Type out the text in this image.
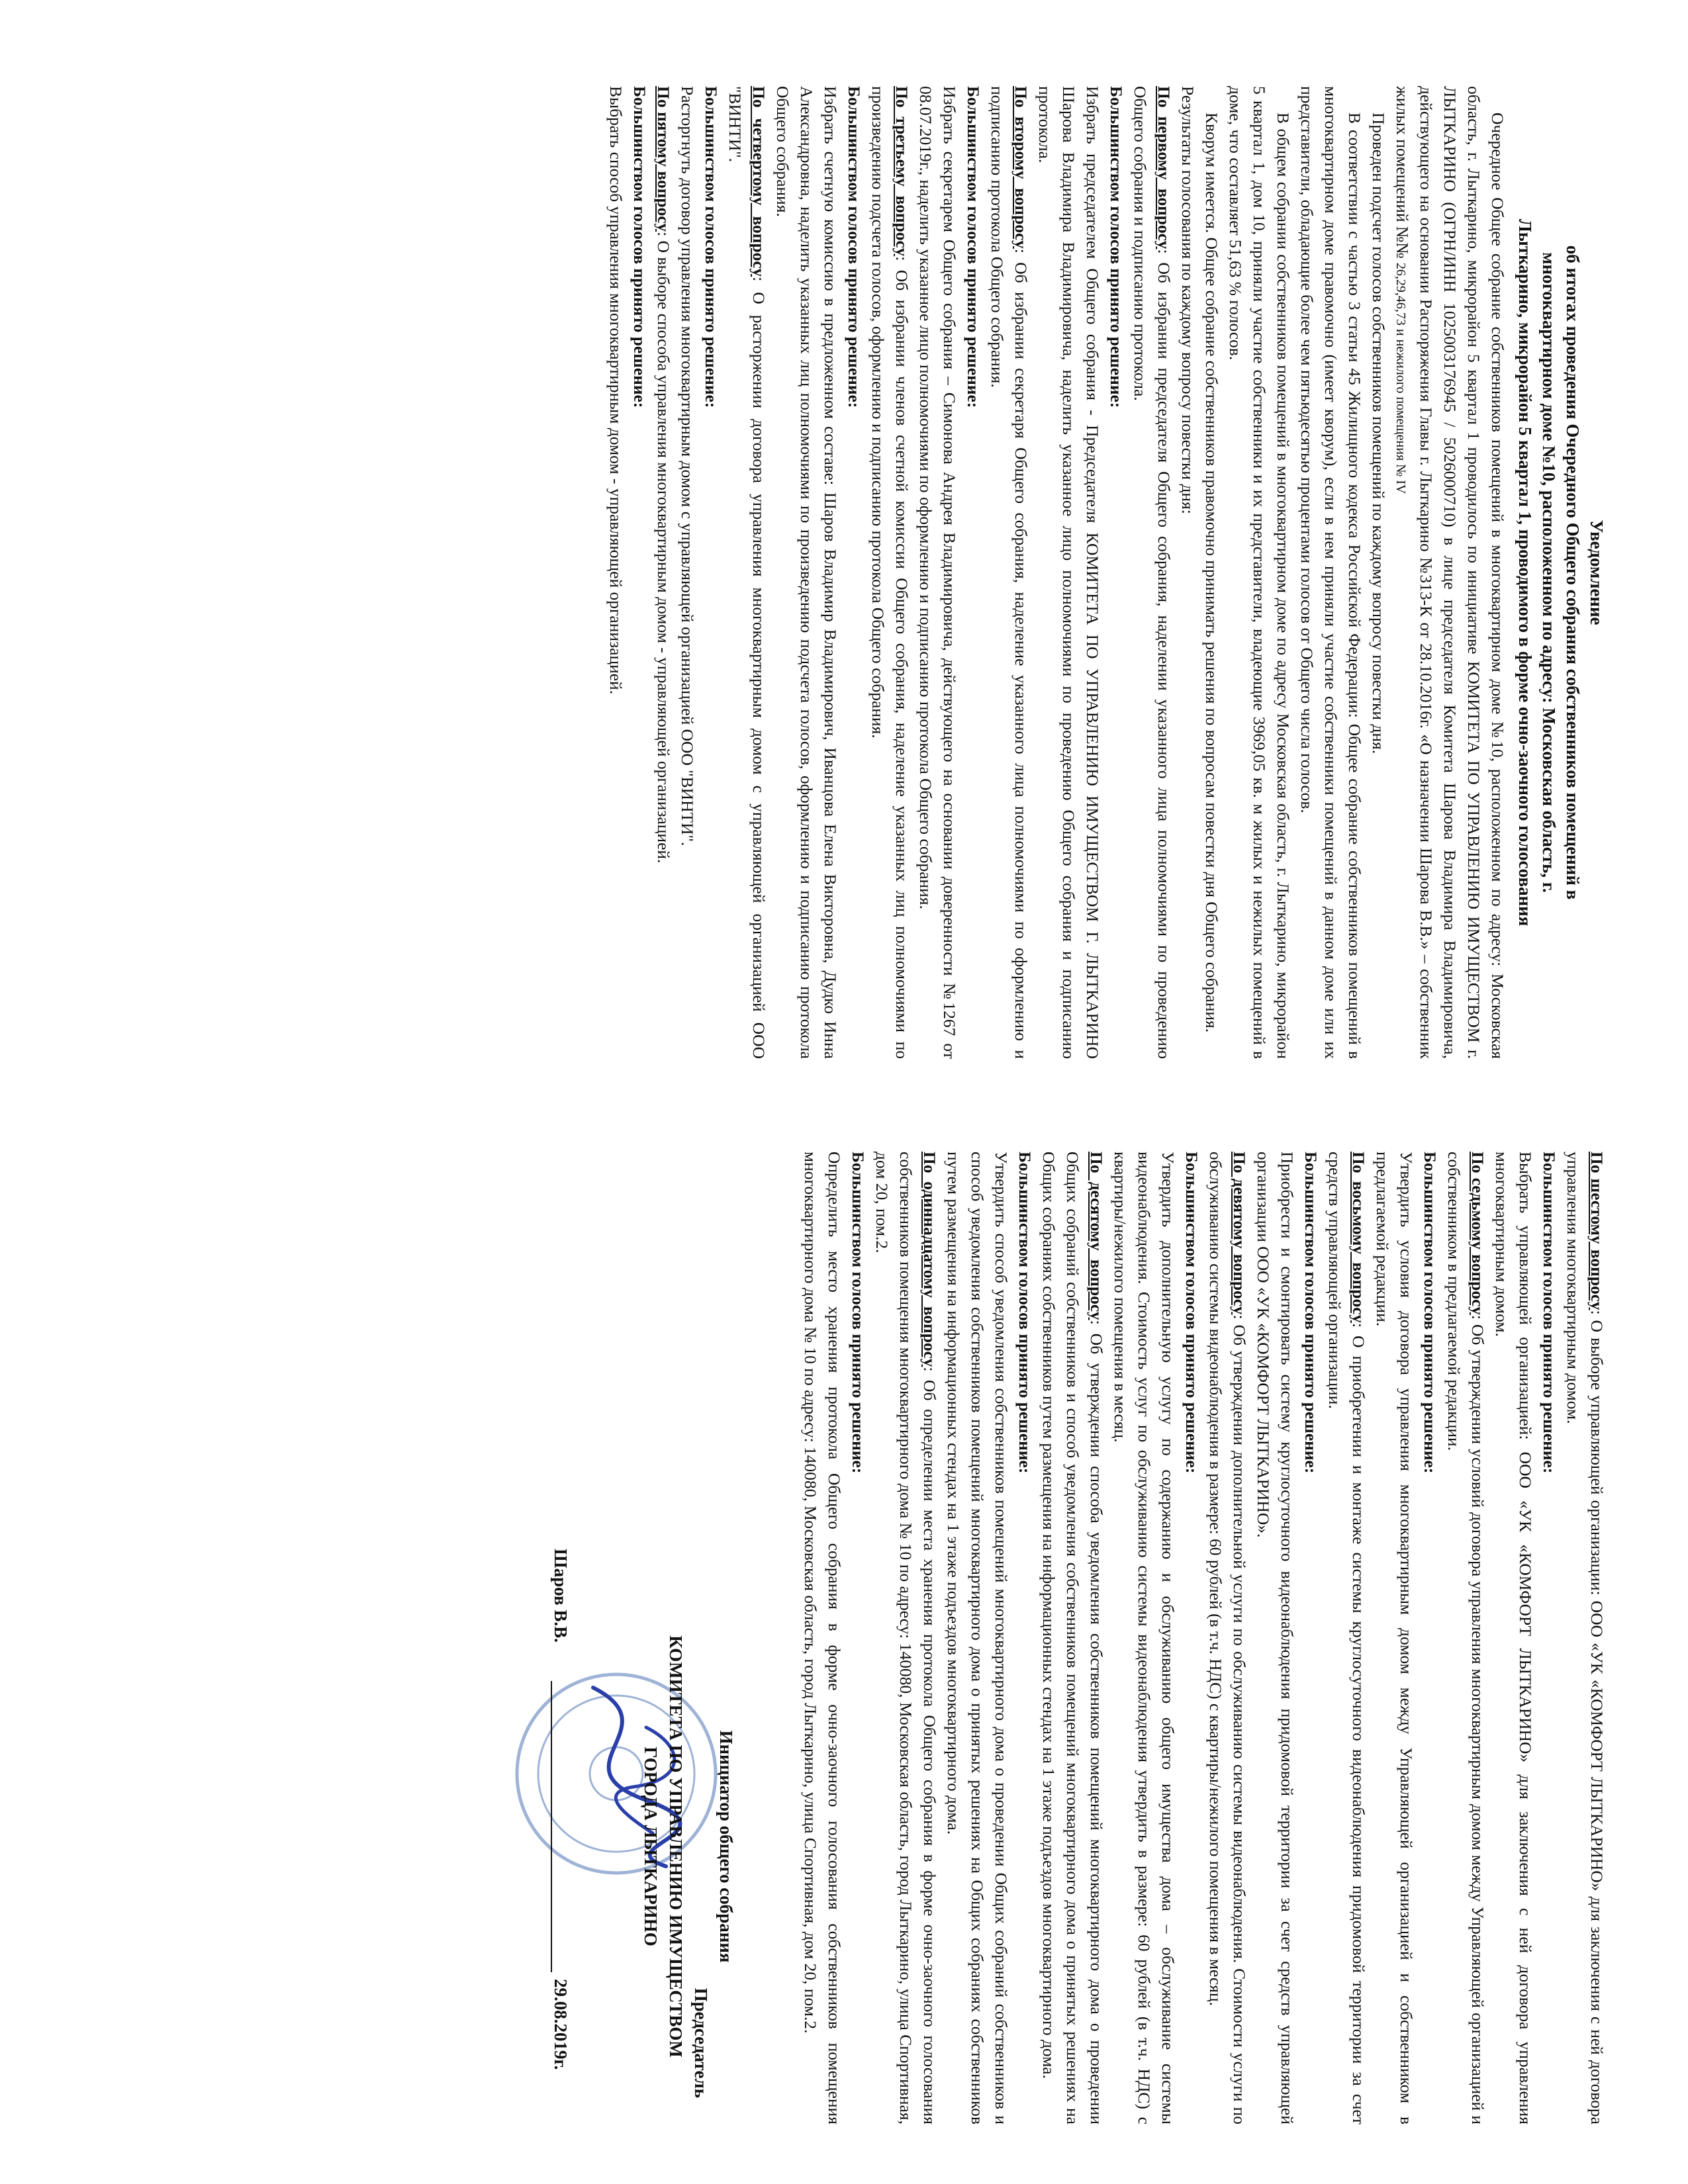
Уведомление
об итогах проведения Очередного Общего собрания собственников помещений в
многоквартирном доме №10, расположенном по адресу: Московская область, г.
Лыткарино, микрорайон 5 квартал 1, проводимого в форме очно-заочного голосования

Очередное Общее собрание собственников помещений в многоквартирном доме №10, расположенном по адресу: Московская область, г. Лыткарино, микрорайон 5 квартал 1 проводилось по инициативе КОМИТЕТА ПО УПРАВЛЕНИЮ ИМУЩЕСТВОМ г. ЛЫТКАРИНО (ОГРН/ИНН 1025003176945 / 5026000710) в лице председателя Комитета Шарова Владимира Владимировича, действующего на основании Распоряжения Главы г. Лыткарино №313-К от 28.10.2016г. «О назначении Шарова В.В.» – собственник жилых помещений №№ 26,29,46,73 и нежилого помещения № IV

Проведен подсчет голосов собственников помещений по каждому вопросу повестки дня.

В соответствии с частью 3 статьи 45 Жилищного кодекса Российской Федерации: Общее собрание собственников помещений в многоквартирном доме правомочно (имеет кворум), если в нем приняли участие собственники помещений в данном доме или их представители, обладающие более чем пятьюдесятью процентами голосов от Общего числа голосов.

В общем собрании собственников помещений в многоквартирном доме по адресу Московская область, г. Лыткарино, микрорайон 5 квартал 1, дом 10, приняли участие собственники и их представители, владеющие 3969,05 кв. м жилых и нежилых помещений в доме, что составляет 51,63 % голосов.

Кворум имеется. Общее собрание собственников правомочно принимать решения по вопросам повестки дня Общего собрания.

Результаты голосования по каждому вопросу повестки дня:

По первому вопросу: Об избрании председателя Общего собрания, наделении указанного лица полномочиями по проведению Общего собрания и подписанию протокола.

Большинством голосов принято решение:

Избрать председателем Общего собрания - Председателя КОМИТЕТА ПО УПРАВЛЕНИЮ ИМУЩЕСТВОМ Г. ЛЫТКАРИНО Шарова Владимира Владимировича, наделить указанное лицо полномочиями по проведению Общего собрания и подписанию протокола.

По второму вопросу: Об избрании секретаря Общего собрания, наделение указанного лица полномочиями по оформлению и подписанию протокола Общего собрания.

Большинством голосов принято решение:

Избрать секретарем Общего собрания – Симонова Андрея Владимировича, действующего на основании доверенности №1267 от 08.07.2019г., наделить указанное лицо полномочиями по оформлению и подписанию протокола Общего собрания.

По третьему вопросу: Об избрании членов счетной комиссии Общего собрания, наделение указанных лиц полномочиями по произведению подсчета голосов, оформлению и подписанию протокола Общего собрания.

Большинством голосов принято решение:

Избрать счетную комиссию в предложенном составе: Шаров Владимир Владимирович, Иванцова Елена Викторовна, Дудко Инна Александровна, наделить указанных лиц полномочиями по произведению подсчета голосов, оформлению и подписанию протокола Общего собрания.

По четвертому вопросу: О расторжении договора управления многоквартирным домом с управляющей организацией ООО "ВИНТИ".

Большинством голосов принято решение:

Расторгнуть договор управления многоквартирным домом с управляющей организацией ООО "ВИНТИ".

По пятому вопросу: О выборе способа управления многоквартирным домом - управляющей организацией.

Большинством голосов принято решение:

Выбрать способ управления многоквартирным домом - управляющей организацией.

По шестому вопросу: О выборе управляющей организации: ООО «УК «КОМФОРТ ЛЫТКАРИНО» для заключения с ней договора управления многоквартирным домом.

Большинством голосов принято решение:

Выбрать управляющей организацией: ООО «УК «КОМФОРТ ЛЫТКАРИНО» для заключения с ней договора управления многоквартирным домом.

По седьмому вопросу: Об утверждении условий договора управления многоквартирным домом между Управляющей организацией и собственником в предлагаемой редакции.

Большинством голосов принято решение:

Утвердить условия договора управления многоквартирным домом между Управляющей организацией и собственником в предлагаемой редакции.

По восьмому вопросу: О приобретении и монтаже системы круглосуточного видеонаблюдения придомовой территории за счет средств управляющей организации.

Большинством голосов принято решение:

Приобрести и смонтировать систему круглосуточного видеонаблюдения придомовой территории за счет средств управляющей организации ООО «УК «КОМФОРТ ЛЫТКАРИНО».

По девятому вопросу: Об утверждении дополнительной услуги по обслуживанию системы видеонаблюдения. Стоимости услуги по обслуживанию системы видеонаблюдения в размере: 60 рублей (в т.ч. НДС) с квартиры/нежилого помещения в месяц.

Большинством голосов принято решение:

Утвердить дополнительную услугу по содержанию и обслуживанию общего имущества дома – обслуживание системы видеонаблюдения. Стоимость услуг по обслуживанию системы видеонаблюдения утвердить в размере: 60 рублей (в т.ч. НДС) с квартиры/нежилого помещения в месяц.

По десятому вопросу: Об утверждении способа уведомления собственников помещений многоквартирного дома о проведении Общих собраний собственников и способ уведомления собственников помещений многоквартирного дома о принятых решениях на Общих собраниях собственников путем размещения на информационных стендах на 1 этаже подъездов многоквартирного дома.

Большинством голосов принято решение:

Утвердить способ уведомления собственников помещений многоквартирного дома о проведении Общих собраний собственников и способ уведомления собственников помещений многоквартирного дома о принятых решениях на Общих собраниях собственников путем размещения на информационных стендах на 1 этаже подъездов многоквартирного дома.

По одиннадцатому вопросу: Об определении места хранения протокола Общего собрания в форме очно-заочного голосования собственников помещения многоквартирного дома № 10 по адресу: 140080, Московская область, город Лыткарино, улица Спортивная, дом 20, пом.2.

Большинством голосов принято решение:

Определить место хранения протокола Общего собрания в форме очно-заочного голосования собственников помещения многоквартирного дома № 10 по адресу: 140080, Московская область, город Лыткарино, улица Спортивная, дом 20, пом.2.

Инициатор общего собрания
Председатель
КОМИТЕТА ПО УПРАВЛЕНИЮ ИМУЩЕСТВОМ
ГОРОДА ЛЫТКАРИНО
Шаров В.В.
29.08.2019г.
